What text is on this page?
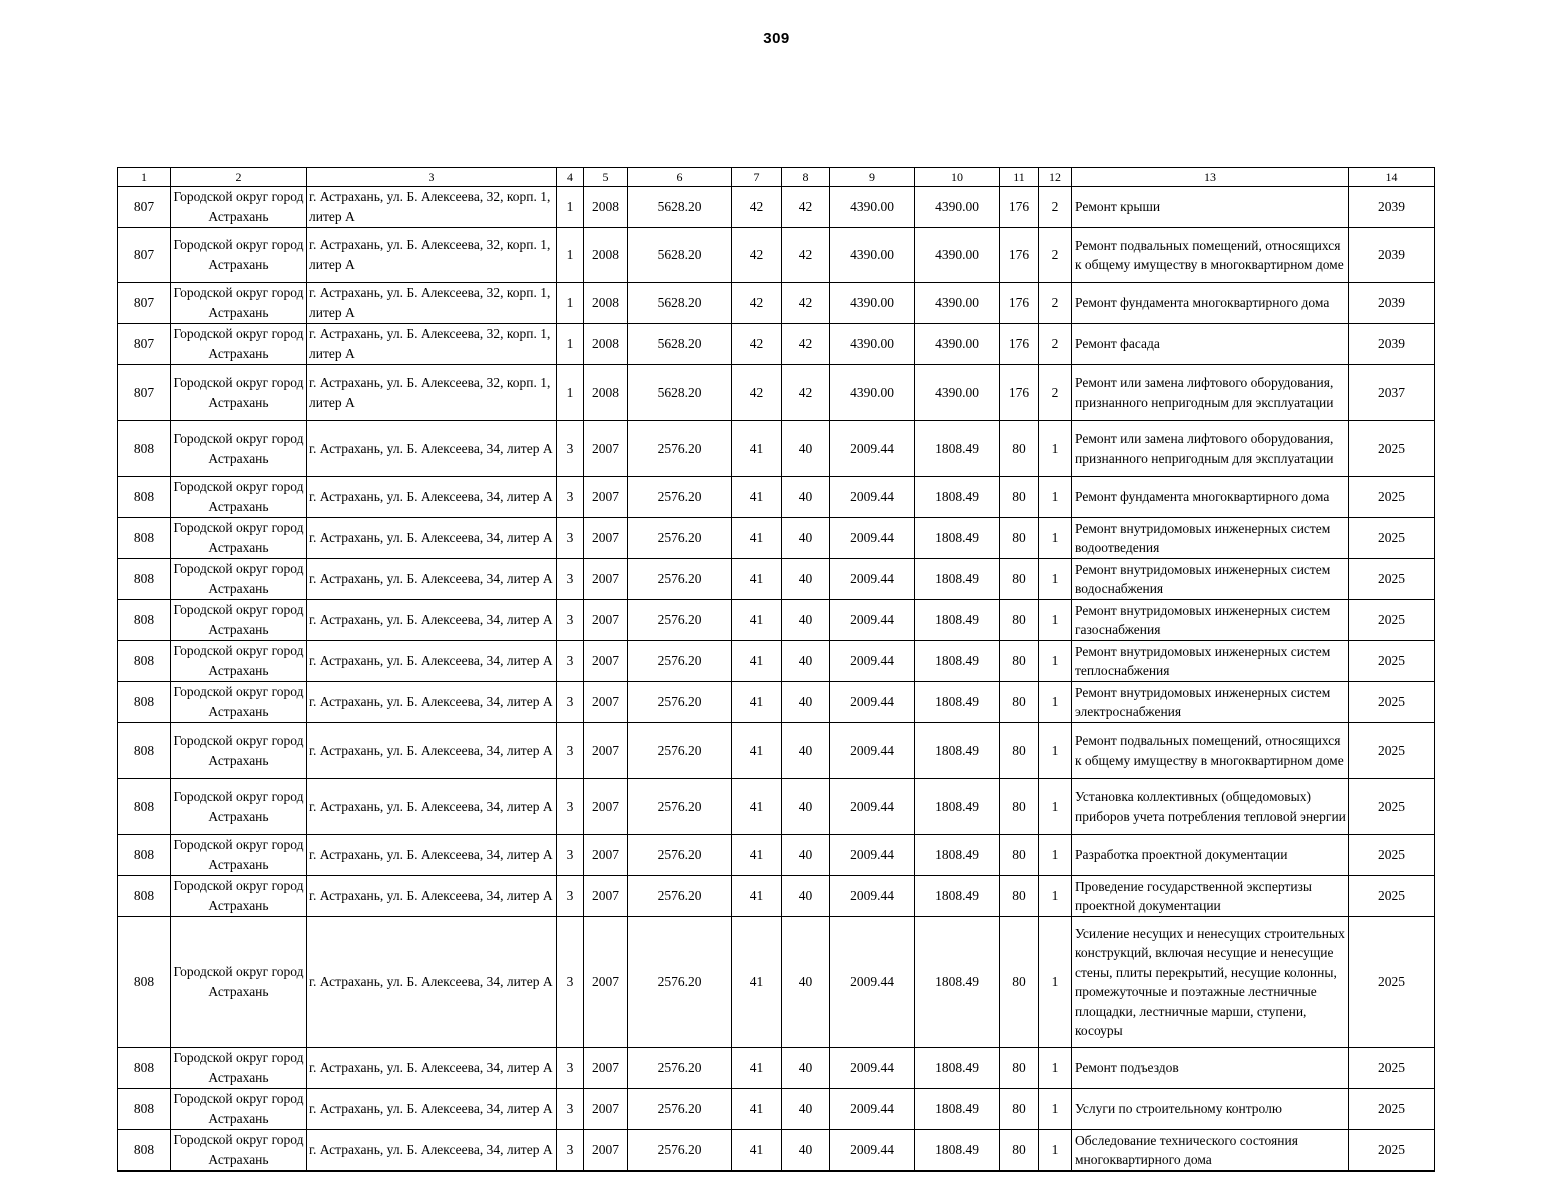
309
1	2	3	4	5	6	7	8	9	10	11	12	13	14
807	Городской округ город Астрахань	г. Астрахань, ул. Б. Алексеева, 32, корп. 1, литер А	1	2008	5628.20	42	42	4390.00	4390.00	176	2	Ремонт крыши	2039
807	Городской округ город Астрахань	г. Астрахань, ул. Б. Алексеева, 32, корп. 1, литер А	1	2008	5628.20	42	42	4390.00	4390.00	176	2	Ремонт подвальных помещений, относящихся к общему имуществу в многоквартирном доме	2039
807	Городской округ город Астрахань	г. Астрахань, ул. Б. Алексеева, 32, корп. 1, литер А	1	2008	5628.20	42	42	4390.00	4390.00	176	2	Ремонт фундамента многоквартирного дома	2039
807	Городской округ город Астрахань	г. Астрахань, ул. Б. Алексеева, 32, корп. 1, литер А	1	2008	5628.20	42	42	4390.00	4390.00	176	2	Ремонт фасада	2039
807	Городской округ город Астрахань	г. Астрахань, ул. Б. Алексеева, 32, корп. 1, литер А	1	2008	5628.20	42	42	4390.00	4390.00	176	2	Ремонт или замена лифтового оборудования, признанного непригодным для эксплуатации	2037
808	Городской округ город Астрахань	г. Астрахань, ул. Б. Алексеева, 34, литер А	3	2007	2576.20	41	40	2009.44	1808.49	80	1	Ремонт или замена лифтового оборудования, признанного непригодным для эксплуатации	2025
808	Городской округ город Астрахань	г. Астрахань, ул. Б. Алексеева, 34, литер А	3	2007	2576.20	41	40	2009.44	1808.49	80	1	Ремонт фундамента многоквартирного дома	2025
808	Городской округ город Астрахань	г. Астрахань, ул. Б. Алексеева, 34, литер А	3	2007	2576.20	41	40	2009.44	1808.49	80	1	Ремонт внутридомовых инженерных систем водоотведения	2025
808	Городской округ город Астрахань	г. Астрахань, ул. Б. Алексеева, 34, литер А	3	2007	2576.20	41	40	2009.44	1808.49	80	1	Ремонт внутридомовых инженерных систем водоснабжения	2025
808	Городской округ город Астрахань	г. Астрахань, ул. Б. Алексеева, 34, литер А	3	2007	2576.20	41	40	2009.44	1808.49	80	1	Ремонт внутридомовых инженерных систем газоснабжения	2025
808	Городской округ город Астрахань	г. Астрахань, ул. Б. Алексеева, 34, литер А	3	2007	2576.20	41	40	2009.44	1808.49	80	1	Ремонт внутридомовых инженерных систем теплоснабжения	2025
808	Городской округ город Астрахань	г. Астрахань, ул. Б. Алексеева, 34, литер А	3	2007	2576.20	41	40	2009.44	1808.49	80	1	Ремонт внутридомовых инженерных систем электроснабжения	2025
808	Городской округ город Астрахань	г. Астрахань, ул. Б. Алексеева, 34, литер А	3	2007	2576.20	41	40	2009.44	1808.49	80	1	Ремонт подвальных помещений, относящихся к общему имуществу в многоквартирном доме	2025
808	Городской округ город Астрахань	г. Астрахань, ул. Б. Алексеева, 34, литер А	3	2007	2576.20	41	40	2009.44	1808.49	80	1	Установка коллективных (общедомовых) приборов учета потребления тепловой энергии	2025
808	Городской округ город Астрахань	г. Астрахань, ул. Б. Алексеева, 34, литер А	3	2007	2576.20	41	40	2009.44	1808.49	80	1	Разработка проектной документации	2025
808	Городской округ город Астрахань	г. Астрахань, ул. Б. Алексеева, 34, литер А	3	2007	2576.20	41	40	2009.44	1808.49	80	1	Проведение государственной экспертизы проектной документации	2025
808	Городской округ город Астрахань	г. Астрахань, ул. Б. Алексеева, 34, литер А	3	2007	2576.20	41	40	2009.44	1808.49	80	1	Усиление несущих и ненесущих строительных конструкций, включая несущие и ненесущие стены, плиты перекрытий, несущие колонны, промежуточные и поэтажные лестничные площадки, лестничные марши, ступени, косоуры	2025
808	Городской округ город Астрахань	г. Астрахань, ул. Б. Алексеева, 34, литер А	3	2007	2576.20	41	40	2009.44	1808.49	80	1	Ремонт подъездов	2025
808	Городской округ город Астрахань	г. Астрахань, ул. Б. Алексеева, 34, литер А	3	2007	2576.20	41	40	2009.44	1808.49	80	1	Услуги по строительному контролю	2025
808	Городской округ город Астрахань	г. Астрахань, ул. Б. Алексеева, 34, литер А	3	2007	2576.20	41	40	2009.44	1808.49	80	1	Обследование технического состояния многоквартирного дома	2025
